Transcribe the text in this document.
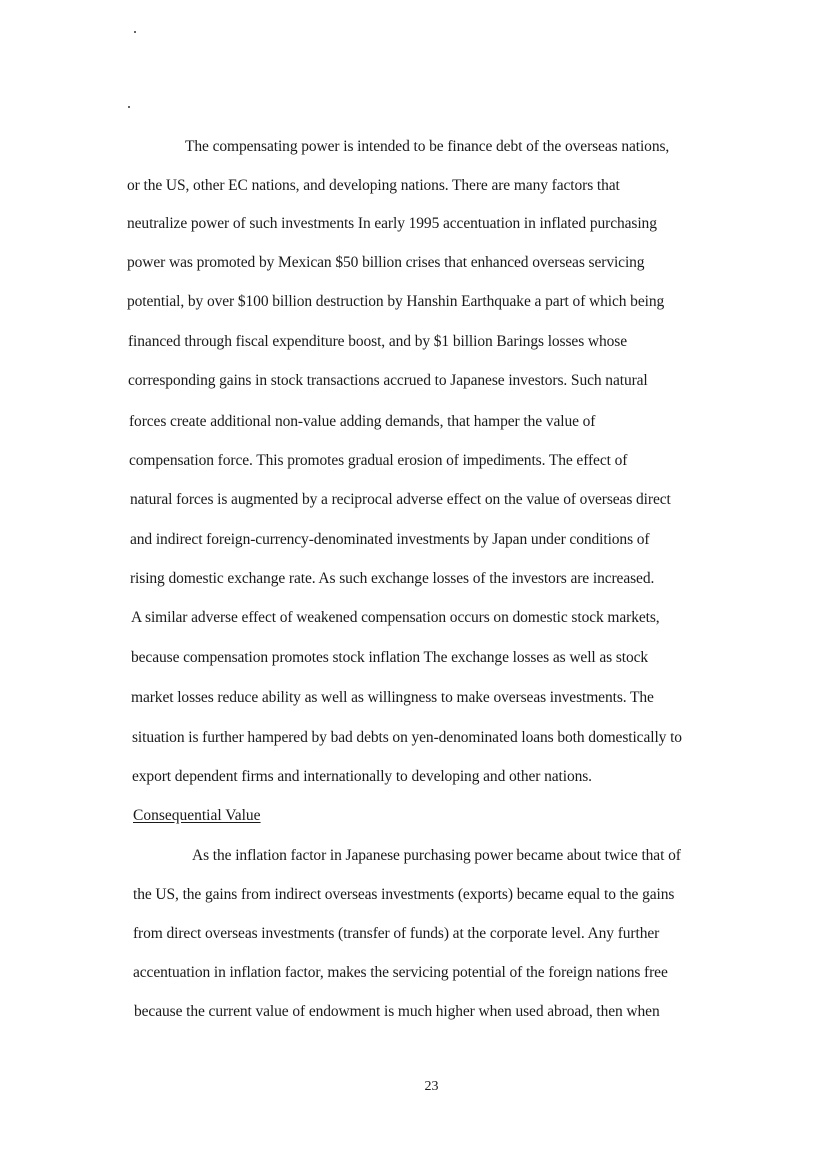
The compensating power is intended to be finance debt of the overseas nations,
or the US, other EC nations, and developing nations. There are many factors that
neutralize power of such investments In early 1995 accentuation in inflated purchasing
power was promoted by Mexican $50 billion crises that enhanced overseas servicing
potential, by over $100 billion destruction by Hanshin Earthquake a part of which being
financed through fiscal expenditure boost, and by $1 billion Barings losses whose
corresponding gains in stock transactions accrued to Japanese investors. Such natural
forces create additional non-value adding demands, that hamper the value of
compensation force. This promotes gradual erosion of impediments. The effect of
natural forces is augmented by a reciprocal adverse effect on the value of overseas direct
and indirect foreign-currency-denominated investments by Japan under conditions of
rising domestic exchange rate. As such exchange losses of the investors are increased.
A similar adverse effect of weakened compensation occurs on domestic stock markets,
because compensation promotes stock inflation The exchange losses as well as stock
market losses reduce ability as well as willingness to make overseas investments. The
situation is further hampered by bad debts on yen-denominated loans both domestically to
export dependent firms and internationally to developing and other nations.
Consequential Value
As the inflation factor in Japanese purchasing power became about twice that of
the US, the gains from indirect overseas investments (exports) became equal to the gains
from direct overseas investments (transfer of funds) at the corporate level. Any further
accentuation in inflation factor, makes the servicing potential of the foreign nations free
because the current value of endowment is much higher when used abroad, then when
23
